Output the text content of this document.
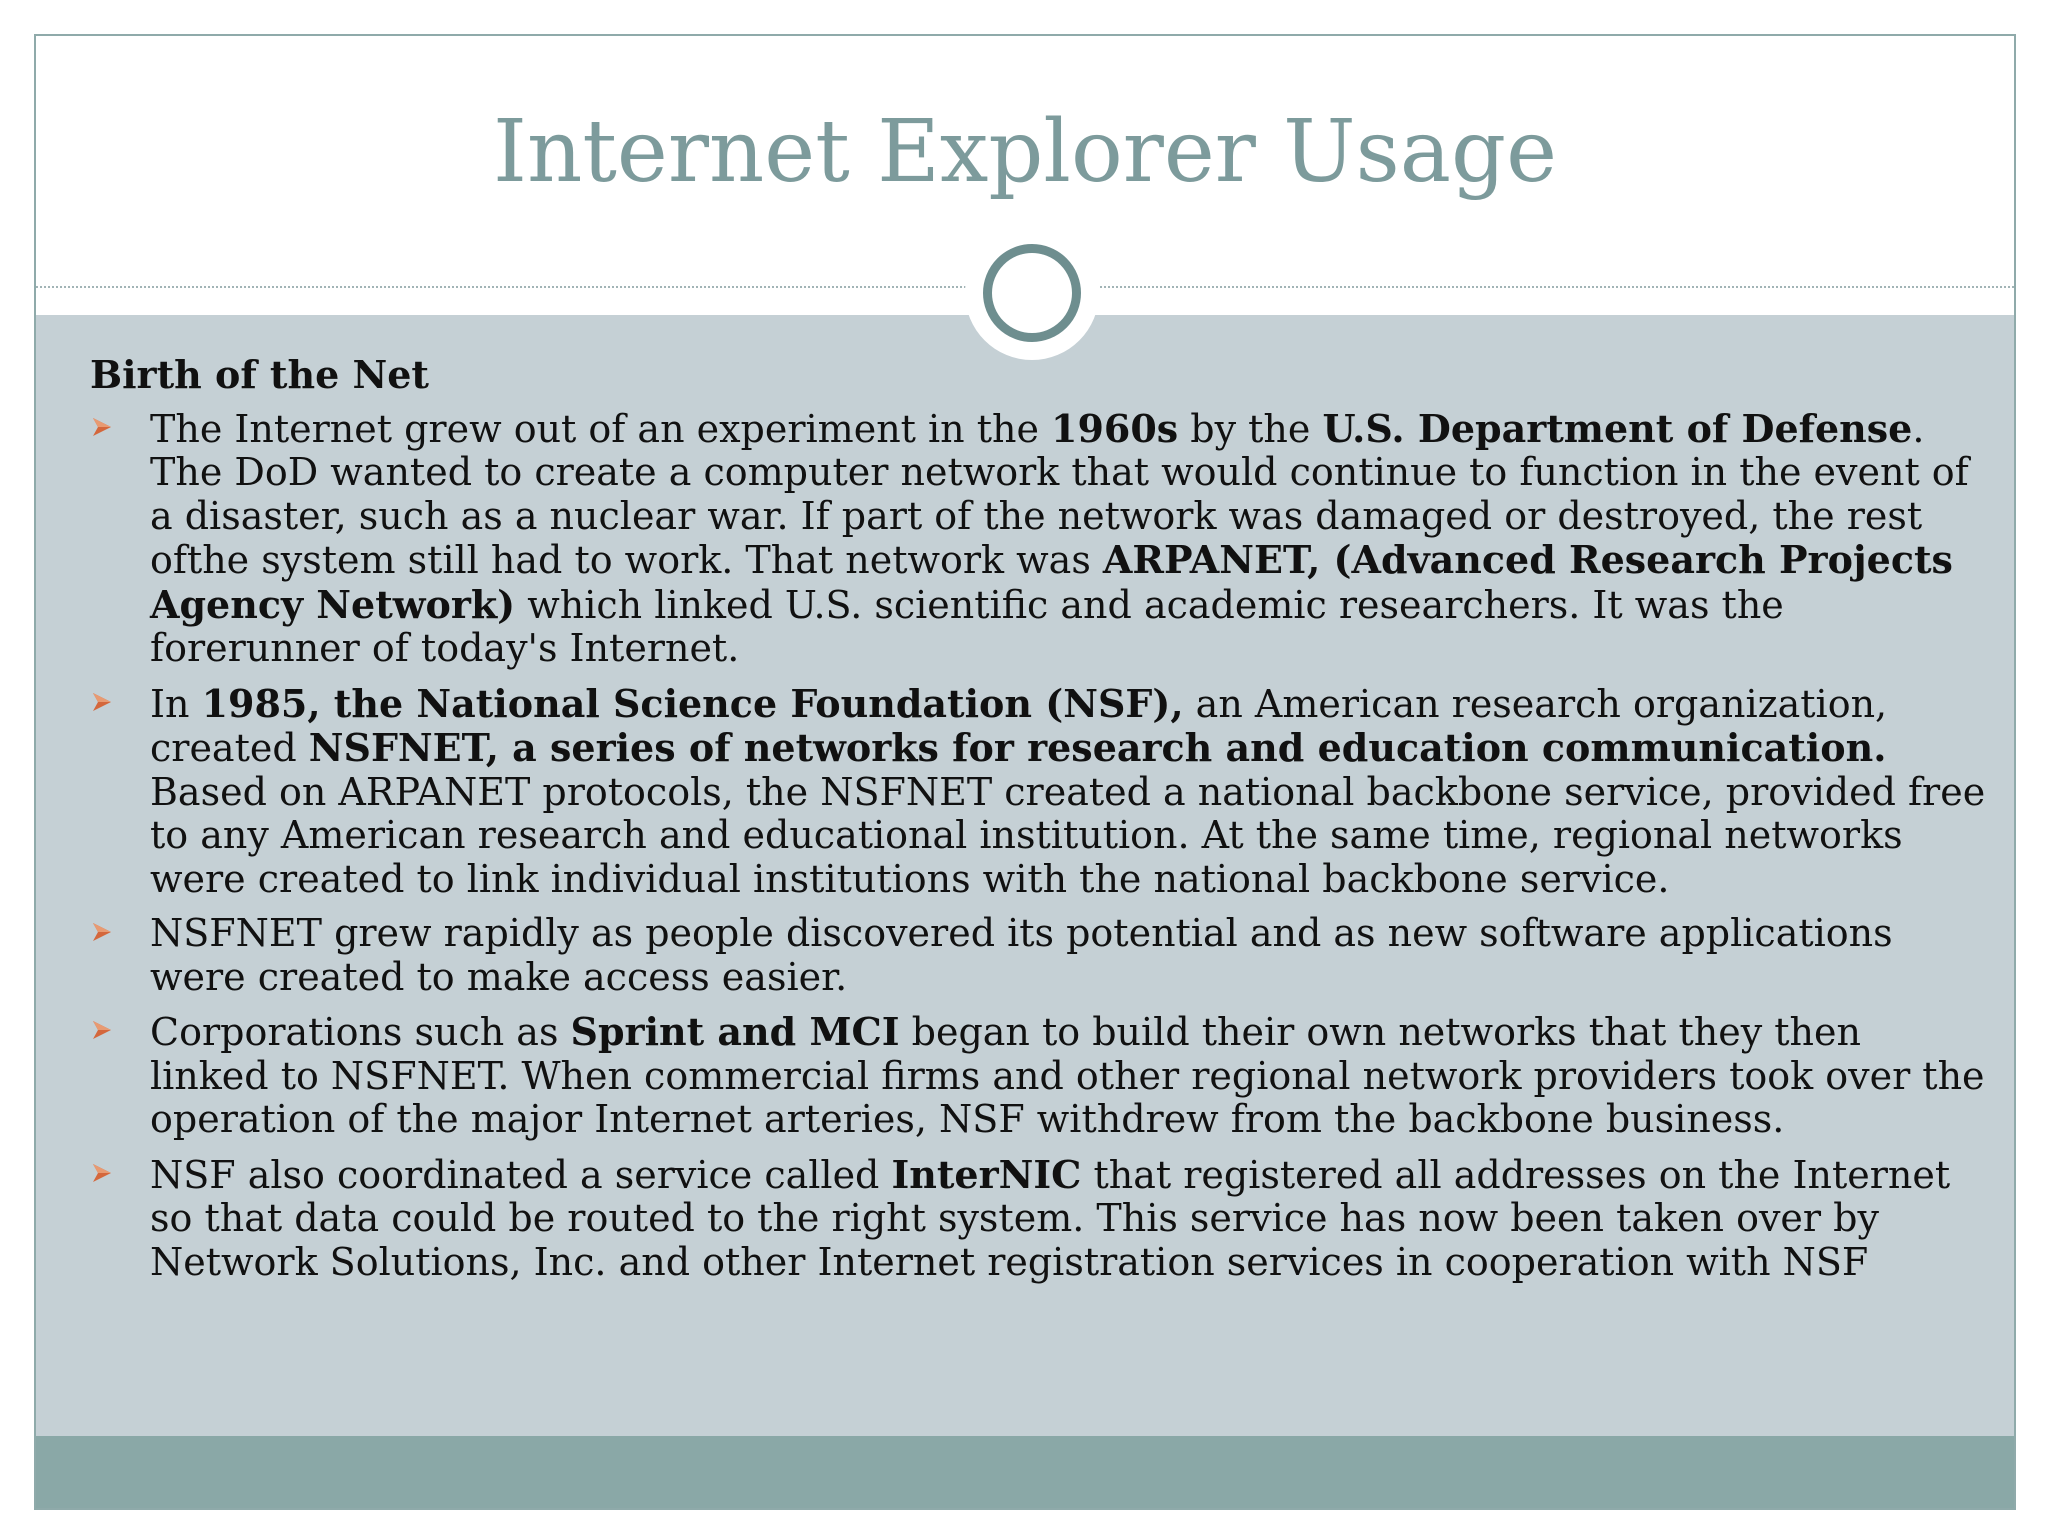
Internet Explorer Usage
Birth of the Net
The Internet grew out of an experiment in the 1960s by the U.S. Department of Defense. The DoD wanted to create a computer network that would continue to function in the event of a disaster, such as a nuclear war. If part of the network was damaged or destroyed, the rest ofthe system still had to work. That network was ARPANET, (Advanced Research Projects Agency Network) which linked U.S. scientific and academic researchers. It was the forerunner of today's Internet.
In 1985, the National Science Foundation (NSF), an American research organization, created NSFNET, a series of networks for research and education communication. Based on ARPANET protocols, the NSFNET created a national backbone service, provided free to any American research and educational institution. At the same time, regional networks were created to link individual institutions with the national backbone service.
NSFNET grew rapidly as people discovered its potential and as new software applications were created to make access easier.
Corporations such as Sprint and MCI began to build their own networks that they then linked to NSFNET. When commercial firms and other regional network providers took over the operation of the major Internet arteries, NSF withdrew from the backbone business.
NSF also coordinated a service called InterNIC that registered all addresses on the Internet so that data could be routed to the right system. This service has now been taken over by Network Solutions, Inc. and other Internet registration services in cooperation with NSF
